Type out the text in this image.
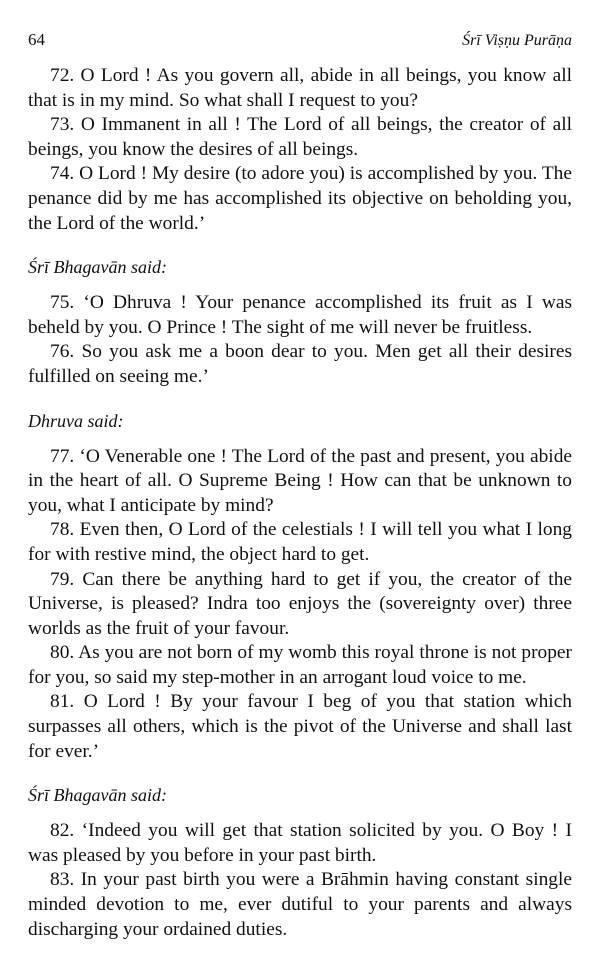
64	Śrī Viṣṇu Purāṇa

72. O Lord ! As you govern all, abide in all beings, you know all that is in my mind. So what shall I request to you?

73. O Immanent in all ! The Lord of all beings, the creator of all beings, you know the desires of all beings.

74. O Lord ! My desire (to adore you) is accomplished by you. The penance did by me has accomplished its objective on beholding you, the Lord of the world.’

Śrī Bhagavān said:

75. ‘O Dhruva ! Your penance accomplished its fruit as I was beheld by you. O Prince ! The sight of me will never be fruitless.

76. So you ask me a boon dear to you. Men get all their desires fulfilled on seeing me.’

Dhruva said:

77. ‘O Venerable one ! The Lord of the past and present, you abide in the heart of all. O Supreme Being ! How can that be unknown to you, what I anticipate by mind?

78. Even then, O Lord of the celestials ! I will tell you what I long for with restive mind, the object hard to get.

79. Can there be anything hard to get if you, the creator of the Universe, is pleased? Indra too enjoys the (sovereignty over) three worlds as the fruit of your favour.

80. As you are not born of my womb this royal throne is not proper for you, so said my step-mother in an arrogant loud voice to me.

81. O Lord ! By your favour I beg of you that station which surpasses all others, which is the pivot of the Universe and shall last for ever.’

Śrī Bhagavān said:

82. ‘Indeed you will get that station solicited by you. O Boy ! I was pleased by you before in your past birth.

83. In your past birth you were a Brāhmin having constant single minded devotion to me, ever dutiful to your parents and always discharging your ordained duties.
